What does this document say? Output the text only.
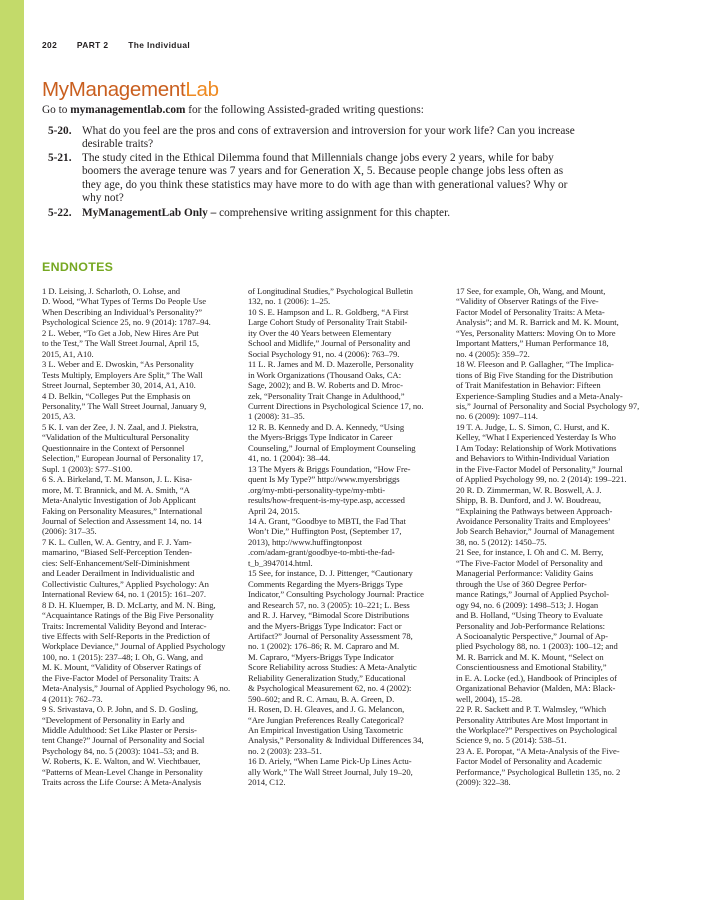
202 PART 2 The Individual
MyManagementLab
Go to mymanagementlab.com for the following Assisted-graded writing questions:
5-20. What do you feel are the pros and cons of extraversion and introversion for your work life? Can you increase
desirable traits?
5-21. The study cited in the Ethical Dilemma found that Millennials change jobs every 2 years, while for baby
boomers the average tenure was 7 years and for Generation X, 5. Because people change jobs less often as
they age, do you think these statistics may have more to do with age than with generational values? Why or
why not?
5-22. MyManagementLab Only – comprehensive writing assignment for this chapter.
ENDNOTES
1 D. Leising, J. Scharloth, O. Lohse, and
D. Wood, “What Types of Terms Do People Use
When Describing an Individual’s Personality?”
Psychological Science 25, no. 9 (2014): 1787–94.
2 L. Weber, “To Get a Job, New Hires Are Put
to the Test,” The Wall Street Journal, April 15,
2015, A1, A10.
3 L. Weber and E. Dwoskin, “As Personality
Tests Multiply, Employers Are Split,” The Wall
Street Journal, September 30, 2014, A1, A10.
4 D. Belkin, “Colleges Put the Emphasis on
Personality,” The Wall Street Journal, January 9,
2015, A3.
5 K. I. van der Zee, J. N. Zaal, and J. Piekstra,
“Validation of the Multicultural Personality
Questionnaire in the Context of Personnel
Selection,” European Journal of Personality 17,
Supl. 1 (2003): S77–S100.
6 S. A. Birkeland, T. M. Manson, J. L. Kisa-
more, M. T. Brannick, and M. A. Smith, “A
Meta-Analytic Investigation of Job Applicant
Faking on Personality Measures,” International
Journal of Selection and Assessment 14, no. 14
(2006): 317–35.
7 K. L. Cullen, W. A. Gentry, and F. J. Yam-
mamarino, “Biased Self-Perception Tenden-
cies: Self-Enhancement/Self-Diminishment
and Leader Derailment in Individualistic and
Collectivistic Cultures,” Applied Psychology: An
International Review 64, no. 1 (2015): 161–207.
8 D. H. Kluemper, B. D. McLarty, and M. N. Bing,
“Acquaintance Ratings of the Big Five Personality
Traits: Incremental Validity Beyond and Interac-
tive Effects with Self-Reports in the Prediction of
Workplace Deviance,” Journal of Applied Psychology
100, no. 1 (2015): 237–48; I. Oh, G. Wang, and
M. K. Mount, “Validity of Observer Ratings of
the Five-Factor Model of Personality Traits: A
Meta-Analysis,” Journal of Applied Psychology 96, no.
4 (2011): 762–73.
9 S. Srivastava, O. P. John, and S. D. Gosling,
“Development of Personality in Early and
Middle Adulthood: Set Like Plaster or Persis-
tent Change?” Journal of Personality and Social
Psychology 84, no. 5 (2003): 1041–53; and B.
W. Roberts, K. E. Walton, and W. Viechtbauer,
“Patterns of Mean-Level Change in Personality
Traits across the Life Course: A Meta-Analysis
of Longitudinal Studies,” Psychological Bulletin
132, no. 1 (2006): 1–25.
10 S. E. Hampson and L. R. Goldberg, “A First
Large Cohort Study of Personality Trait Stabil-
ity Over the 40 Years between Elementary
School and Midlife,” Journal of Personality and
Social Psychology 91, no. 4 (2006): 763–79.
11 L. R. James and M. D. Mazerolle, Personality
in Work Organizations (Thousand Oaks, CA:
Sage, 2002); and B. W. Roberts and D. Mroc-
zek, “Personality Trait Change in Adulthood,”
Current Directions in Psychological Science 17, no.
1 (2008): 31–35.
12 R. B. Kennedy and D. A. Kennedy, “Using
the Myers-Briggs Type Indicator in Career
Counseling,” Journal of Employment Counseling
41, no. 1 (2004): 38–44.
13 The Myers & Briggs Foundation, “How Fre-
quent Is My Type?” http://www.myersbriggs
.org/my-mbti-personality-type/my-mbti-
results/how-frequent-is-my-type.asp, accessed
April 24, 2015.
14 A. Grant, “Goodbye to MBTI, the Fad That
Won’t Die,” Huffington Post, (September 17,
2013), http://www.huffingtonpost
.com/adam-grant/goodbye-to-mbti-the-fad-
t_b_3947014.html.
15 See, for instance, D. J. Pittenger, “Cautionary
Comments Regarding the Myers-Briggs Type
Indicator,” Consulting Psychology Journal: Practice
and Research 57, no. 3 (2005): 10–221; L. Bess
and R. J. Harvey, “Bimodal Score Distributions
and the Myers-Briggs Type Indicator: Fact or
Artifact?” Journal of Personality Assessment 78,
no. 1 (2002): 176–86; R. M. Capraro and M.
M. Capraro, “Myers-Briggs Type Indicator
Score Reliability across Studies: A Meta-Analytic
Reliability Generalization Study,” Educational
& Psychological Measurement 62, no. 4 (2002):
590–602; and R. C. Arnau, B. A. Green, D.
H. Rosen, D. H. Gleaves, and J. G. Melancon,
“Are Jungian Preferences Really Categorical?
An Empirical Investigation Using Taxometric
Analysis,” Personality & Individual Differences 34,
no. 2 (2003): 233–51.
16 D. Ariely, “When Lame Pick-Up Lines Actu-
ally Work,” The Wall Street Journal, July 19–20,
2014, C12.
17 See, for example, Oh, Wang, and Mount,
“Validity of Observer Ratings of the Five-
Factor Model of Personality Traits: A Meta-
Analysis”; and M. R. Barrick and M. K. Mount,
“Yes, Personality Matters: Moving On to More
Important Matters,” Human Performance 18,
no. 4 (2005): 359–72.
18 W. Fleeson and P. Gallagher, “The Implica-
tions of Big Five Standing for the Distribution
of Trait Manifestation in Behavior: Fifteen
Experience-Sampling Studies and a Meta-Analy-
sis,” Journal of Personality and Social Psychology 97,
no. 6 (2009): 1097–114.
19 T. A. Judge, L. S. Simon, C. Hurst, and K.
Kelley, “What I Experienced Yesterday Is Who
I Am Today: Relationship of Work Motivations
and Behaviors to Within-Individual Variation
in the Five-Factor Model of Personality,” Journal
of Applied Psychology 99, no. 2 (2014): 199–221.
20 R. D. Zimmerman, W. R. Boswell, A. J.
Shipp, B. B. Dunford, and J. W. Boudreau,
“Explaining the Pathways between Approach-
Avoidance Personality Traits and Employees’
Job Search Behavior,” Journal of Management
38, no. 5 (2012): 1450–75.
21 See, for instance, I. Oh and C. M. Berry,
“The Five-Factor Model of Personality and
Managerial Performance: Validity Gains
through the Use of 360 Degree Perfor-
mance Ratings,” Journal of Applied Psychol-
ogy 94, no. 6 (2009): 1498–513; J. Hogan
and B. Holland, “Using Theory to Evaluate
Personality and Job-Performance Relations:
A Socioanalytic Perspective,” Journal of Ap-
plied Psychology 88, no. 1 (2003): 100–12; and
M. R. Barrick and M. K. Mount, “Select on
Conscientiousness and Emotional Stability,”
in E. A. Locke (ed.), Handbook of Principles of
Organizational Behavior (Malden, MA: Black-
well, 2004), 15–28.
22 P. R. Sackett and P. T. Walmsley, “Which
Personality Attributes Are Most Important in
the Workplace?” Perspectives on Psychological
Science 9, no. 5 (2014): 538–51.
23 A. E. Poropat, “A Meta-Analysis of the Five-
Factor Model of Personality and Academic
Performance,” Psychological Bulletin 135, no. 2
(2009): 322–38.
